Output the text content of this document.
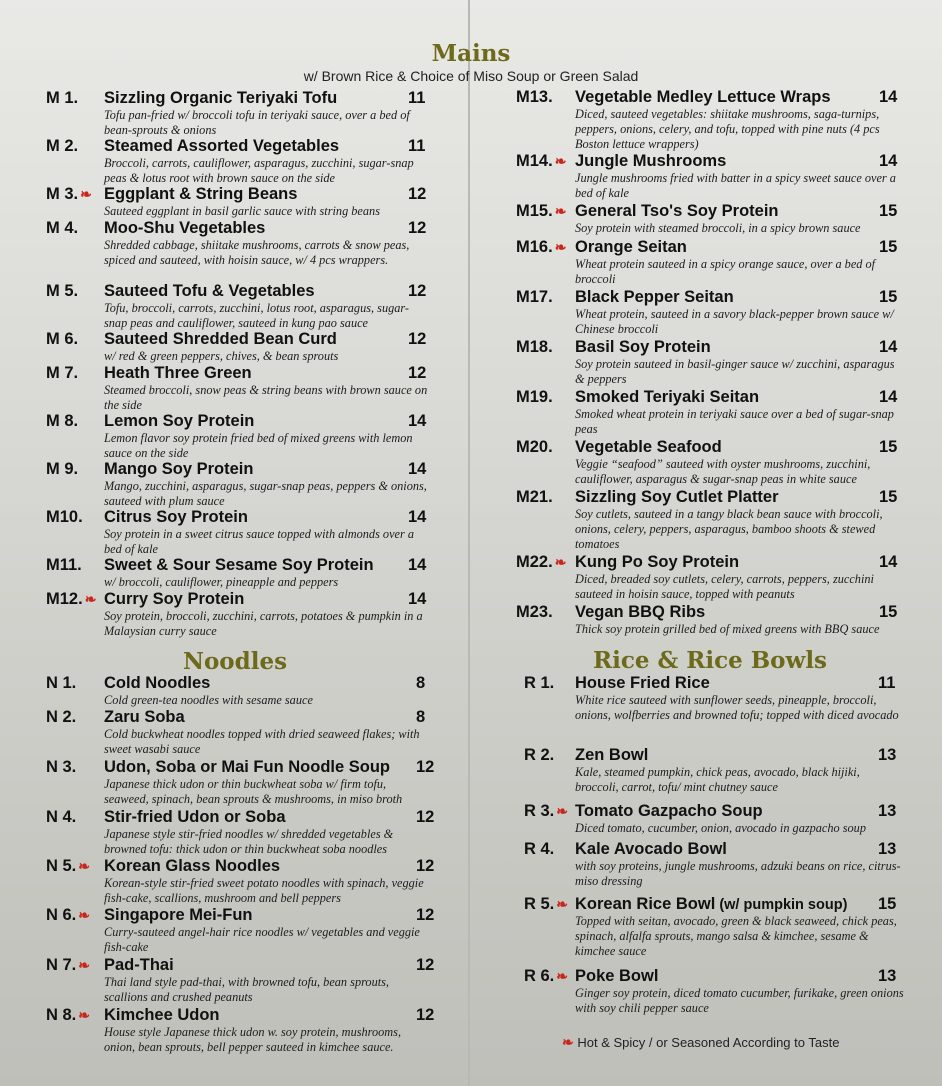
Mains
w/ Brown Rice & Choice of Miso Soup or Green Salad
Noodles	Rice & Rice Bowls
M 1. Sizzling Organic Teriyaki Tofu	11
Tofu pan-fried w/ broccoli tofu in teriyaki sauce, over a bed of bean-sprouts & onions
M 2. Steamed Assorted Vegetables	11
Broccoli, carrots, cauliflower, asparagus, zucchini, sugar-snap peas & lotus root with brown sauce on the side
M 3. ❧ Eggplant & String Beans	12
Sauteed eggplant in basil garlic sauce with string beans
M 4. Moo-Shu Vegetables	12
Shredded cabbage, shiitake mushrooms, carrots & snow peas, spiced and sauteed, with hoisin sauce, w/ 4 pcs wrappers.
M 5. Sauteed Tofu & Vegetables	12
Tofu, broccoli, carrots, zucchini, lotus root, asparagus, sugar-snap peas and cauliflower, sauteed in kung pao sauce
M 6. Sauteed Shredded Bean Curd	12
w/ red & green peppers, chives, & bean sprouts
M 7. Heath Three Green	12
Steamed broccoli, snow peas & string beans with brown sauce on the side
M 8. Lemon Soy Protein	14
Lemon flavor soy protein fried bed of mixed greens with lemon sauce on the side
M 9. Mango Soy Protein	14
Mango, zucchini, asparagus, sugar-snap peas, peppers & onions, sauteed with plum sauce
M10. Citrus Soy Protein	14
Soy protein in a sweet citrus sauce topped with almonds over a bed of kale
M11. Sweet & Sour Sesame Soy Protein 14
w/ broccoli, cauliflower, pineapple and peppers
M12. ❧ Curry Soy Protein	14
Soy protein, broccoli, zucchini, carrots, potatoes & pumpkin in a Malaysian curry sauce
M13. Vegetable Medley Lettuce Wraps	14
Diced, sauteed vegetables: shiitake mushrooms, saga-turnips, peppers, onions, celery, and tofu, topped with pine nuts (4 pcs Boston lettuce wrappers)
M14. ❧ Jungle Mushrooms	14
Jungle mushrooms fried with batter in a spicy sweet sauce over a bed of kale
M15. ❧ General Tso's Soy Protein	15
Soy protein with steamed broccoli, in a spicy brown sauce
M16. ❧ Orange Seitan	15
Wheat protein sauteed in a spicy orange sauce, over a bed of broccoli
M17. Black Pepper Seitan	15
Wheat protein, sauteed in a savory black-pepper brown sauce w/ Chinese broccoli
M18. Basil Soy Protein	14
Soy protein sauteed in basil-ginger sauce w/ zucchini, asparagus & peppers
M19. Smoked Teriyaki Seitan	14
Smoked wheat protein in teriyaki sauce over a bed of sugar-snap peas
M20. Vegetable Seafood	15
Veggie “seafood” sauteed with oyster mushrooms, zucchini, cauliflower, asparagus & sugar-snap peas in white sauce
M21. Sizzling Soy Cutlet Platter	15
Soy cutlets, sauteed in a tangy black bean sauce with broccoli, onions, celery, peppers, asparagus, bamboo shoots & stewed tomatoes
M22. ❧ Kung Po Soy Protein	14
Diced, breaded soy cutlets, celery, carrots, peppers, zucchini sauteed in hoisin sauce, topped with peanuts
M23. Vegan BBQ Ribs	15
Thick soy protein grilled bed of mixed greens with BBQ sauce
N 1. Cold Noodles	8
Cold green-tea noodles with sesame sauce
N 2. Zaru Soba	8
Cold buckwheat noodles topped with dried seaweed flakes; with sweet wasabi sauce
N 3. Udon, Soba or Mai Fun Noodle Soup 12
Japanese thick udon or thin buckwheat soba w/ firm tofu, seaweed, spinach, bean sprouts & mushrooms, in miso broth
N 4. Stir-fried Udon or Soba	12
Japanese style stir-fried noodles w/ shredded vegetables & browned tofu: thick udon or thin buckwheat soba noodles
N 5. ❧ Korean Glass Noodles	12
Korean-style stir-fried sweet potato noodles with spinach, veggie fish-cake, scallions, mushroom and bell peppers
N 6. ❧ Singapore Mei-Fun	12
Curry-sauteed angel-hair rice noodles w/ vegetables and veggie fish-cake
N 7. ❧ Pad-Thai	12
Thai land style pad-thai, with browned tofu, bean sprouts, scallions and crushed peanuts
N 8. ❧ Kimchee Udon	12
House style Japanese thick udon w. soy protein, mushrooms, onion, bean sprouts, bell pepper sauteed in kimchee sauce.
R 1. House Fried Rice	11
White rice sauteed with sunflower seeds, pineapple, broccoli, onions, wolfberries and browned tofu; topped with diced avocado
R 2. Zen Bowl	13
Kale, steamed pumpkin, chick peas, avocado, black hijiki, broccoli, carrot, tofu/ mint chutney sauce
R 3. ❧ Tomato Gazpacho Soup	13
Diced tomato, cucumber, onion, avocado in gazpacho soup
R 4. Kale Avocado Bowl	13
with soy proteins, jungle mushrooms, adzuki beans on rice, citrus-miso dressing
R 5. ❧ Korean Rice Bowl (w/ pumpkin soup) 15
Topped with seitan, avocado, green & black seaweed, chick peas, spinach, alfalfa sprouts, mango salsa & kimchee, sesame & kimchee sauce
R 6. ❧ Poke Bowl	13
Ginger soy protein, diced tomato cucumber, furikake, green onions with soy chili pepper sauce
❧ Hot & Spicy / or Seasoned According to Taste
